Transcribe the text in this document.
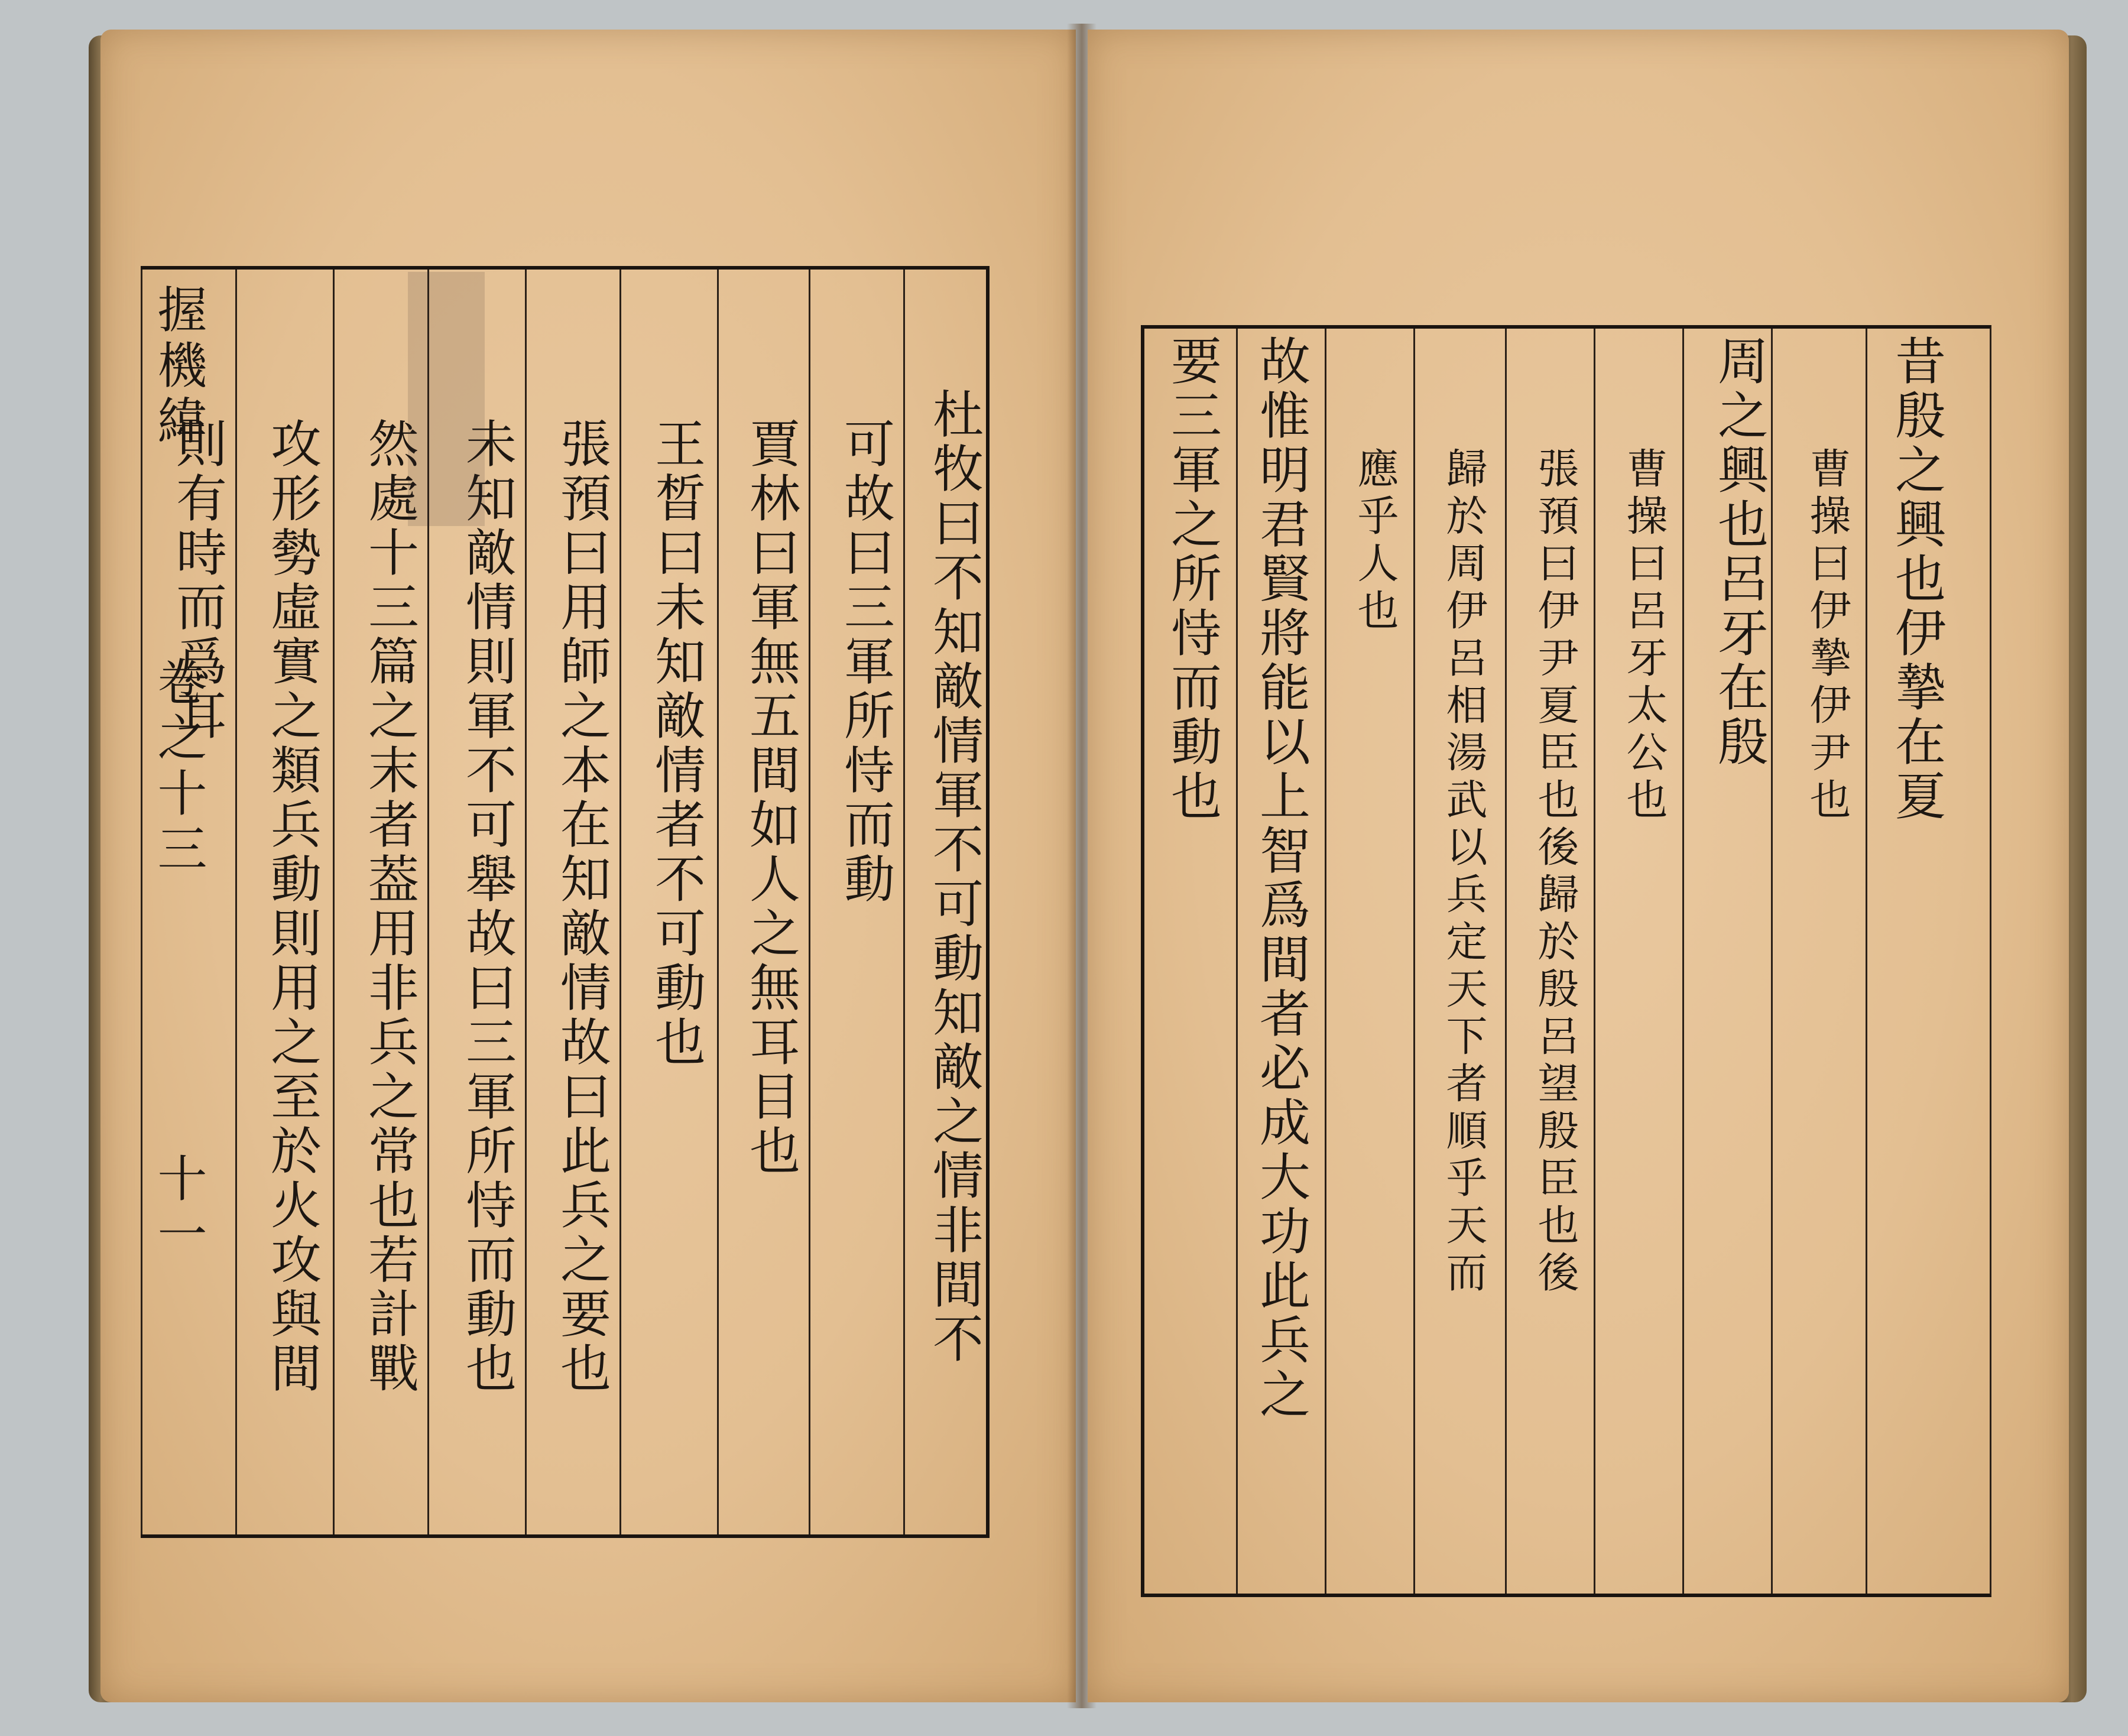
握機緯
卷之十三
十一	杜牧曰不知敵情軍不可動知敵之情非間不
可故曰三軍所恃而動
賈林曰軍無五間如人之無耳目也
王晳曰未知敵情者不可動也
張預曰用師之本在知敵情故曰此兵之要也
未知敵情則軍不可舉故曰三軍所恃而動也
然處十三篇之末者葢用非兵之常也若計戰
攻形勢虛實之類兵動則用之至於火攻與間
則有時而爲耳	昔殷之興也伊摯在夏
曹操曰伊摯伊尹也
周之興也呂牙在殷
曹操曰呂牙太公也
張預曰伊尹夏臣也後歸於殷呂望殷臣也後
歸於周伊呂相湯武以兵定天下者順乎天而
應乎人也
故惟明君賢將能以上智爲間者必成大功此兵之
要三軍之所恃而動也
